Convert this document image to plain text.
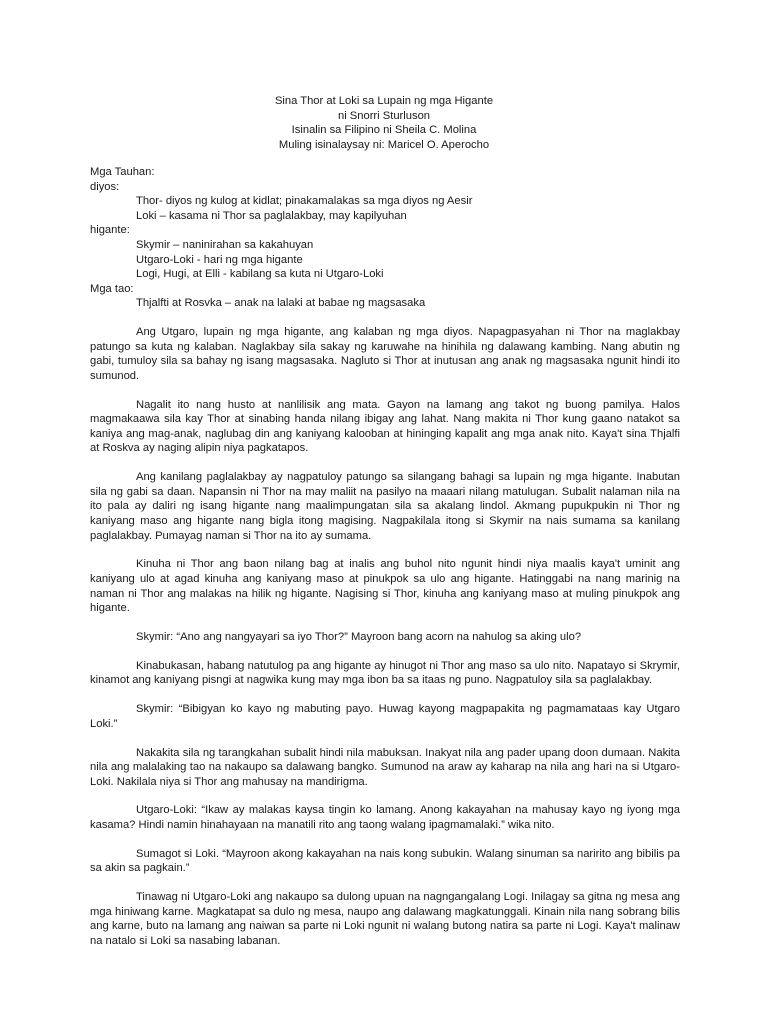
Sina Thor at Loki sa Lupain ng mga Higante
ni Snorri Sturluson
Isinalin sa Filipino ni Sheila C. Molina
Muling isinalaysay ni: Maricel O. Aperocho
Mga Tauhan:
diyos:
Thor- diyos ng kulog at kidlat; pinakamalakas sa mga diyos ng Aesir
Loki – kasama ni Thor sa paglalakbay, may kapilyuhan
higante:
Skymir – naninirahan sa kakahuyan
Utgaro-Loki - hari ng mga higante
Logi, Hugi, at Elli - kabilang sa kuta ni Utgaro-Loki
Mga tao:
Thjalfti at Rosvka – anak na lalaki at babae ng magsasaka

Ang Utgaro, lupain ng mga higante, ang kalaban ng mga diyos. Napagpasyahan ni Thor na maglakbay patungo sa kuta ng kalaban. Naglakbay sila sakay ng karuwahe na hinihila ng dalawang kambing. Nang abutin ng gabi, tumuloy sila sa bahay ng isang magsasaka. Nagluto si Thor at inutusan ang anak ng magsasaka ngunit hindi ito sumunod.

Nagalit ito nang husto at nanlilisik ang mata. Gayon na lamang ang takot ng buong pamilya. Halos magmakaawa sila kay Thor at sinabing handa nilang ibigay ang lahat. Nang makita ni Thor kung gaano natakot sa kaniya ang mag-anak, naglubag din ang kaniyang kalooban at hininging kapalit ang mga anak nito. Kaya't sina Thjalfi at Roskva ay naging alipin niya pagkatapos.

Ang kanilang paglalakbay ay nagpatuloy patungo sa silangang bahagi sa lupain ng mga higante. Inabutan sila ng gabi sa daan. Napansin ni Thor na may maliit na pasilyo na maaari nilang matulugan. Subalit nalaman nila na ito pala ay daliri ng isang higante nang maalimpungatan sila sa akalang lindol. Akmang pupukpukin ni Thor ng kaniyang maso ang higante nang bigla itong magising. Nagpakilala itong si Skymir na nais sumama sa kanilang paglalakbay. Pumayag naman si Thor na ito ay sumama.

Kinuha ni Thor ang baon nilang bag at inalis ang buhol nito ngunit hindi niya maalis kaya't uminit ang kaniyang ulo at agad kinuha ang kaniyang maso at pinukpok sa ulo ang higante. Hatinggabi na nang marinig na naman ni Thor ang malakas na hilik ng higante. Nagising si Thor, kinuha ang kaniyang maso at muling pinukpok ang higante.

Skymir: “Ano ang nangyayari sa iyo Thor?” Mayroon bang acorn na nahulog sa aking ulo?

Kinabukasan, habang natutulog pa ang higante ay hinugot ni Thor ang maso sa ulo nito. Napatayo si Skrymir, kinamot ang kaniyang pisngi at nagwika kung may mga ibon ba sa itaas ng puno. Nagpatuloy sila sa paglalakbay.

Skymir: “Bibigyan ko kayo ng mabuting payo. Huwag kayong magpapakita ng pagmamataas kay Utgaro Loki.”

Nakakita sila ng tarangkahan subalit hindi nila mabuksan. Inakyat nila ang pader upang doon dumaan. Nakita nila ang malalaking tao na nakaupo sa dalawang bangko. Sumunod na araw ay kaharap na nila ang hari na si Utgaro-Loki. Nakilala niya si Thor ang mahusay na mandirigma.

Utgaro-Loki: “Ikaw ay malakas kaysa tingin ko lamang. Anong kakayahan na mahusay kayo ng iyong mga kasama? Hindi namin hinahayaan na manatili rito ang taong walang ipagmamalaki.” wika nito.

Sumagot si Loki. “Mayroon akong kakayahan na nais kong subukin. Walang sinuman sa naririto ang bibilis pa sa akin sa pagkain.”

Tinawag ni Utgaro-Loki ang nakaupo sa dulong upuan na nagngangalang Logi. Inilagay sa gitna ng mesa ang mga hiniwang karne. Magkatapat sa dulo ng mesa, naupo ang dalawang magkatunggali. Kinain nila nang sobrang bilis ang karne, buto na lamang ang naiwan sa parte ni Loki ngunit ni walang butong natira sa parte ni Logi. Kaya't malinaw na natalo si Loki sa nasabing labanan.
